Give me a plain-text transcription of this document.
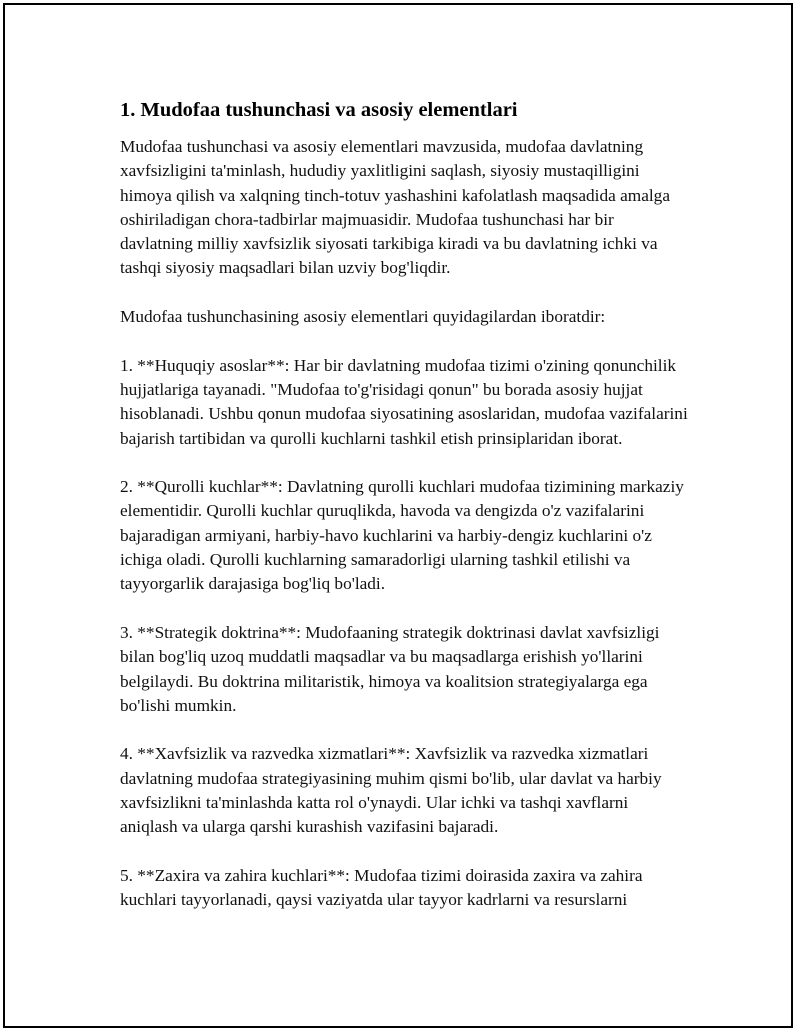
1. Mudofaa tushunchasi va asosiy elementlari

Mudofaa tushunchasi va asosiy elementlari mavzusida, mudofaa davlatning xavfsizligini ta'minlash, hududiy yaxlitligini saqlash, siyosiy mustaqilligini himoya qilish va xalqning tinch-totuv yashashini kafolatlash maqsadida amalga oshiriladigan chora-tadbirlar majmuasidir. Mudofaa tushunchasi har bir davlatning milliy xavfsizlik siyosati tarkibiga kiradi va bu davlatning ichki va tashqi siyosiy maqsadlari bilan uzviy bog'liqdir.

Mudofaa tushunchasining asosiy elementlari quyidagilardan iboratdir:

1. **Huquqiy asoslar**: Har bir davlatning mudofaa tizimi o'zining qonunchilik hujjatlariga tayanadi. "Mudofaa to'g'risidagi qonun" bu borada asosiy hujjat hisoblanadi. Ushbu qonun mudofaa siyosatining asoslaridan, mudofaa vazifalarini bajarish tartibidan va qurolli kuchlarni tashkil etish prinsiplaridan iborat.

2. **Qurolli kuchlar**: Davlatning qurolli kuchlari mudofaa tizimining markaziy elementidir. Qurolli kuchlar quruqlikda, havoda va dengizda o'z vazifalarini bajaradigan armiyani, harbiy-havo kuchlarini va harbiy-dengiz kuchlarini o'z ichiga oladi. Qurolli kuchlarning samaradorligi ularning tashkil etilishi va tayyorgarlik darajasiga bog'liq bo'ladi.

3. **Strategik doktrina**: Mudofaaning strategik doktrinasi davlat xavfsizligi bilan bog'liq uzoq muddatli maqsadlar va bu maqsadlarga erishish yo'llarini belgilaydi. Bu doktrina militaristik, himoya va koalitsion strategiyalarga ega bo'lishi mumkin.

4. **Xavfsizlik va razvedka xizmatlari**: Xavfsizlik va razvedka xizmatlari davlatning mudofaa strategiyasining muhim qismi bo'lib, ular davlat va harbiy xavfsizlikni ta'minlashda katta rol o'ynaydi. Ular ichki va tashqi xavflarni aniqlash va ularga qarshi kurashish vazifasini bajaradi.

5. **Zaxira va zahira kuchlari**: Mudofaa tizimi doirasida zaxira va zahira kuchlari tayyorlanadi, qaysi vaziyatda ular tayyor kadrlarni va resurslarni
